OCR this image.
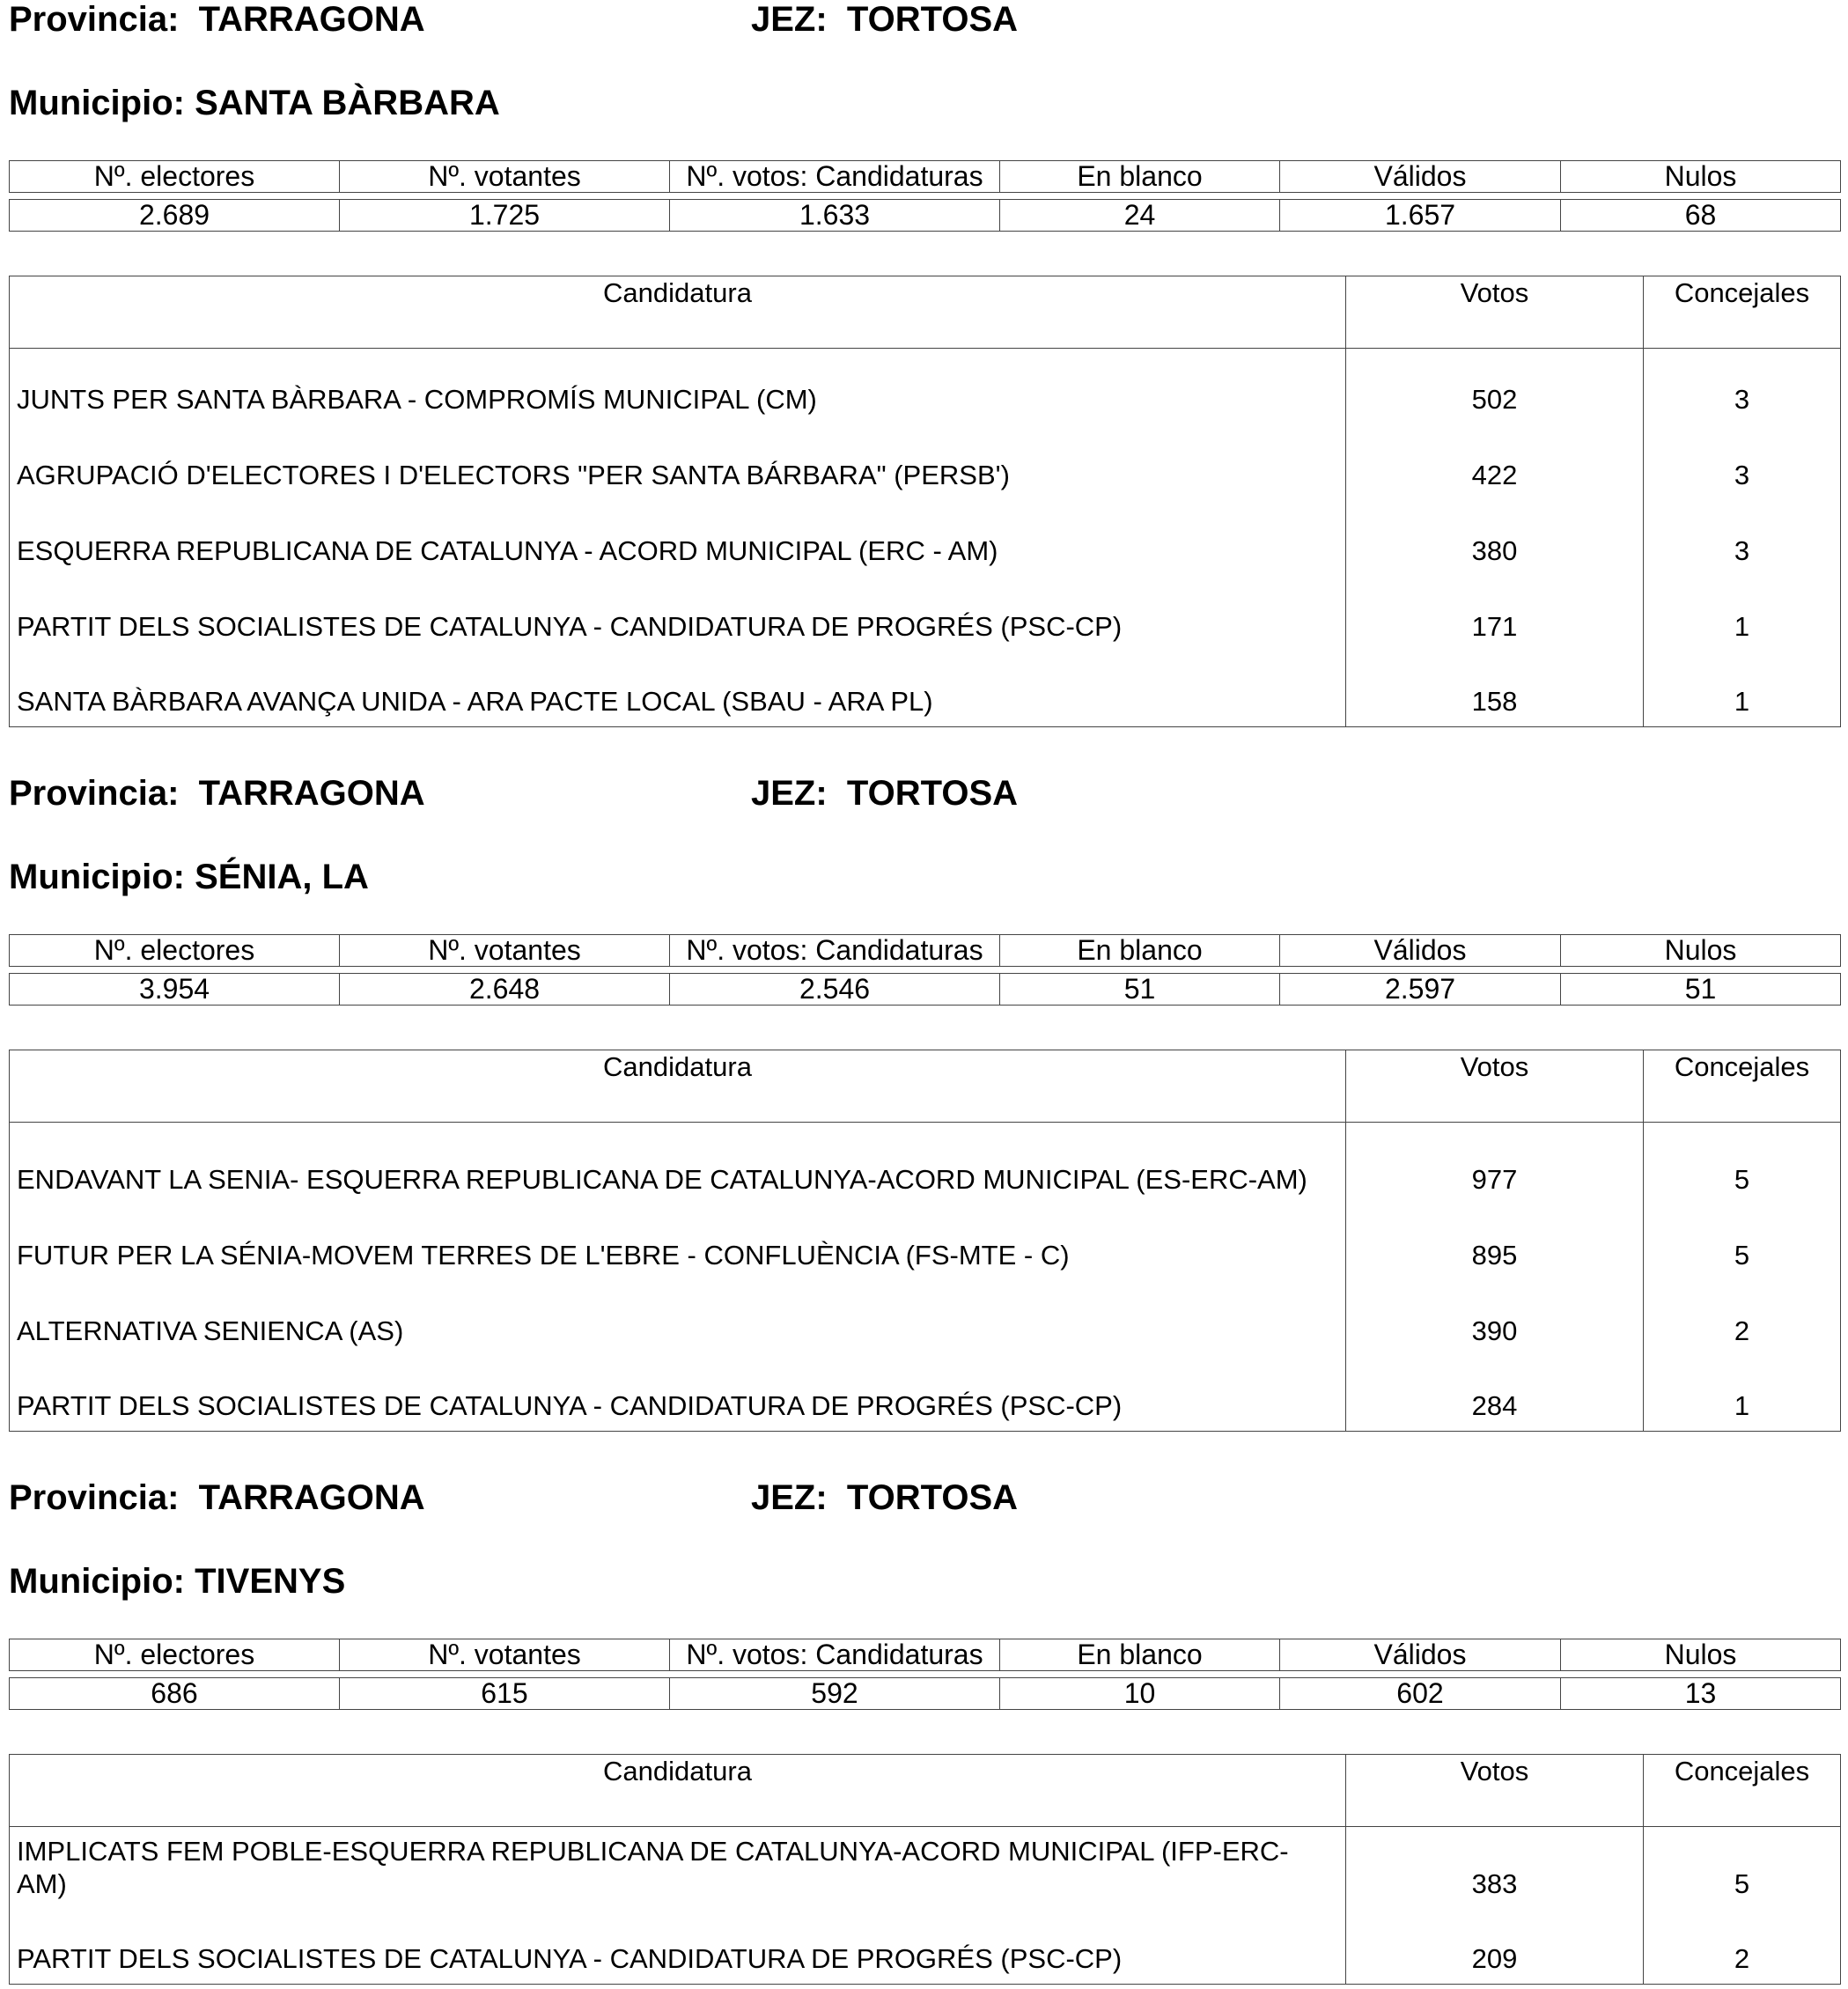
Provincia: TARRAGONA	JEZ: TORTOSA
Municipio: SANTA BÀRBARA
Nº. electores	Nº. votantes	Nº. votos: Candidaturas	En blanco	Válidos	Nulos
2.689	1.725	1.633	24	1.657	68
Candidatura	Votos	Concejales
JUNTS PER SANTA BÀRBARA - COMPROMÍS MUNICIPAL (CM)	502	3
AGRUPACIÓ D'ELECTORES I D'ELECTORS "PER SANTA BÁRBARA" (PERSB')	422	3
ESQUERRA REPUBLICANA DE CATALUNYA - ACORD MUNICIPAL (ERC - AM)	380	3
PARTIT DELS SOCIALISTES DE CATALUNYA - CANDIDATURA DE PROGRÉS (PSC-CP)	171	1
SANTA BÀRBARA AVANÇA UNIDA - ARA PACTE LOCAL (SBAU - ARA PL)	158	1
Provincia: TARRAGONA	JEZ: TORTOSA
Municipio: SÉNIA, LA
Nº. electores	Nº. votantes	Nº. votos: Candidaturas	En blanco	Válidos	Nulos
3.954	2.648	2.546	51	2.597	51
Candidatura	Votos	Concejales
ENDAVANT LA SENIA- ESQUERRA REPUBLICANA DE CATALUNYA-ACORD MUNICIPAL (ES-ERC-AM)	977	5
FUTUR PER LA SÉNIA-MOVEM TERRES DE L'EBRE - CONFLUÈNCIA (FS-MTE - C)	895	5
ALTERNATIVA SENIENCA (AS)	390	2
PARTIT DELS SOCIALISTES DE CATALUNYA - CANDIDATURA DE PROGRÉS (PSC-CP)	284	1
Provincia: TARRAGONA	JEZ: TORTOSA
Municipio: TIVENYS
Nº. electores	Nº. votantes	Nº. votos: Candidaturas	En blanco	Válidos	Nulos
686	615	592	10	602	13
Candidatura	Votos	Concejales
IMPLICATS FEM POBLE-ESQUERRA REPUBLICANA DE CATALUNYA-ACORD MUNICIPAL (IFP-ERC-AM)	383	5
PARTIT DELS SOCIALISTES DE CATALUNYA - CANDIDATURA DE PROGRÉS (PSC-CP)	209	2
